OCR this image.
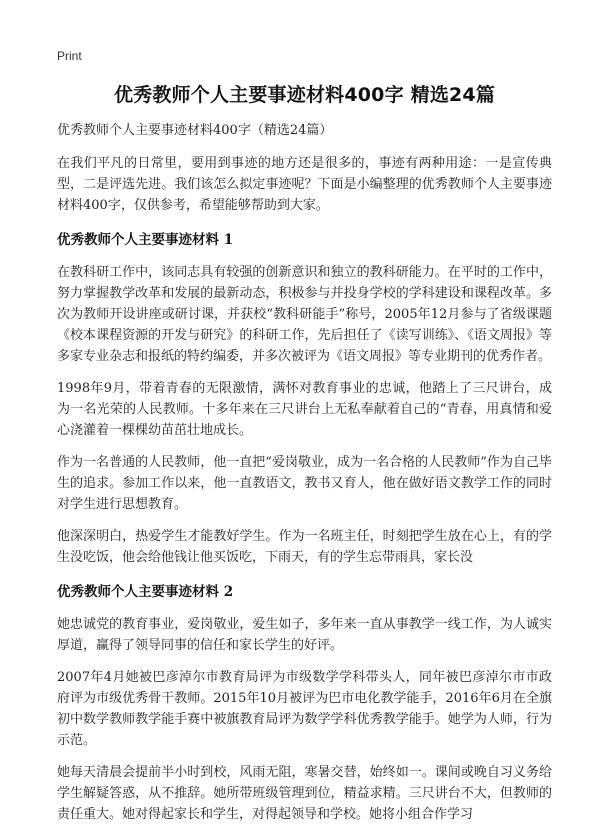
Print
优秀教师个人主要事迹材料400字 精选24篇
优秀教师个人主要事迹材料400字（精选24篇）

在我们平凡的日常里，要用到事迹的地方还是很多的，事迹有两种用途：一是宣传典型，二是评选先进。我们该怎么拟定事迹呢？下面是小编整理的优秀教师个人主要事迹材料400字，仅供参考，希望能够帮助到大家。

优秀教师个人主要事迹材料 1

在教科研工作中，该同志具有较强的创新意识和独立的教科研能力。在平时的工作中，努力掌握教学改革和发展的最新动态，积极参与并投身学校的学科建设和课程改革。多次为教师开设讲座或研讨课，并获校“教科研能手”称号，2005年12月参与了省级课题《校本课程资源的开发与研究》的科研工作，先后担任了《读写训练》、《语文周报》等多家专业杂志和报纸的特约编委，并多次被评为《语文周报》等专业期刊的优秀作者。

1998年9月，带着青春的无限激情，满怀对教育事业的忠诚，他踏上了三尺讲台，成为一名光荣的人民教师。十多年来在三尺讲台上无私奉献着自己的“青春，用真情和爱心浇灌着一棵棵幼苗茁壮地成长。

作为一名普通的人民教师，他一直把“爱岗敬业，成为一名合格的人民教师”作为自己毕生的追求。参加工作以来，他一直教语文，教书又育人，他在做好语文教学工作的同时对学生进行思想教育。

他深深明白，热爱学生才能教好学生。作为一名班主任，时刻把学生放在心上，有的学生没吃饭，他会给他钱让他买饭吃，下雨天，有的学生忘带雨具，家长没

优秀教师个人主要事迹材料 2

她忠诚党的教育事业，爱岗敬业，爱生如子，多年来一直从事教学一线工作，为人诚实厚道，赢得了领导同事的信任和家长学生的好评。

2007年4月她被巴彦淖尔市教育局评为市级数学学科带头人，同年被巴彦淖尔市市政府评为市级优秀骨干教师。2015年10月被评为巴市电化教学能手，2016年6月在全旗初中数学教师教学能手赛中被旗教育局评为数学学科优秀教学能手。她学为人师，行为示范。

她每天清晨会提前半小时到校，风雨无阻，寒暑交替，始终如一。课间或晚自习义务给学生解疑答惑，从不推辞。她所带班级管理到位，精益求精。三尺讲台不大，但教师的责任重大。她对得起家长和学生，对得起领导和学校。她将小组合作学习
